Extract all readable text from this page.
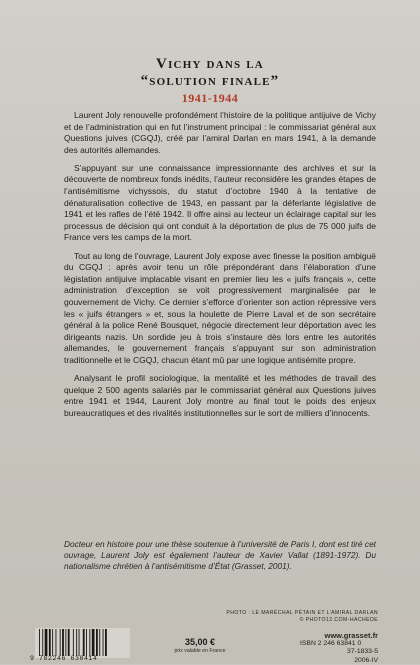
Vichy dans la
“solution finale”
1941-1944

Laurent Joly renouvelle profondément l’histoire de la politique antijuive de Vichy et de l’administration qui en fut l’instrument principal : le commissariat général aux Questions juives (CGQJ), créé par l’amiral Darlan en mars 1941, à la demande des autorités allemandes.

S’appuyant sur une connaissance impressionnante des archives et sur la découverte de nombreux fonds inédits, l’auteur reconsidère les grandes étapes de l’antisémitisme vichyssois, du statut d’octobre 1940 à la tentative de dénaturalisation collective de 1943, en passant par la déferlante législative de 1941 et les rafles de l’été 1942. Il offre ainsi au lecteur un éclairage capital sur les processus de décision qui ont conduit à la déportation de plus de 75 000 juifs de France vers les camps de la mort.

Tout au long de l’ouvrage, Laurent Joly expose avec finesse la position ambiguë du CGQJ : après avoir tenu un rôle prépondérant dans l’élaboration d’une législation antijuive implacable visant en premier lieu les « juifs français », cette administration d’exception se voit progressivement marginalisée par le gouvernement de Vichy. Ce dernier s’efforce d’orienter son action répressive vers les « juifs étrangers » et, sous la houlette de Pierre Laval et de son secrétaire général à la police René Bousquet, négocie directement leur déportation avec les dirigeants nazis. Un sordide jeu à trois s’instaure dès lors entre les autorités allemandes, le gouvernement français s’appuyant sur son administration traditionnelle et le CGQJ, chacun étant mû par une logique antisémite propre.

Analysant le profil sociologique, la mentalité et les méthodes de travail des quelque 2 500 agents salariés par le commissariat général aux Questions juives entre 1941 et 1944, Laurent Joly montre au final tout le poids des enjeux bureaucratiques et des rivalités institutionnelles sur le sort de milliers d’innocents.

Docteur en histoire pour une thèse soutenue à l’université de Paris I, dont est tiré cet ouvrage, Laurent Joly est également l’auteur de Xavier Vallat (1891-1972). Du nationalisme chrétien à l’antisémitisme d’État (Grasset, 2001).
PHOTO : LE MARÉCHAL PÉTAIN ET L’AMIRAL DARLAN
© PHOTO12.COM-HACHEDE
www.grasset.fr
9 782246 638414
35,00 €
prix valable en France
ISBN 2 246 63841 0
37-1833-5
2006-IV
